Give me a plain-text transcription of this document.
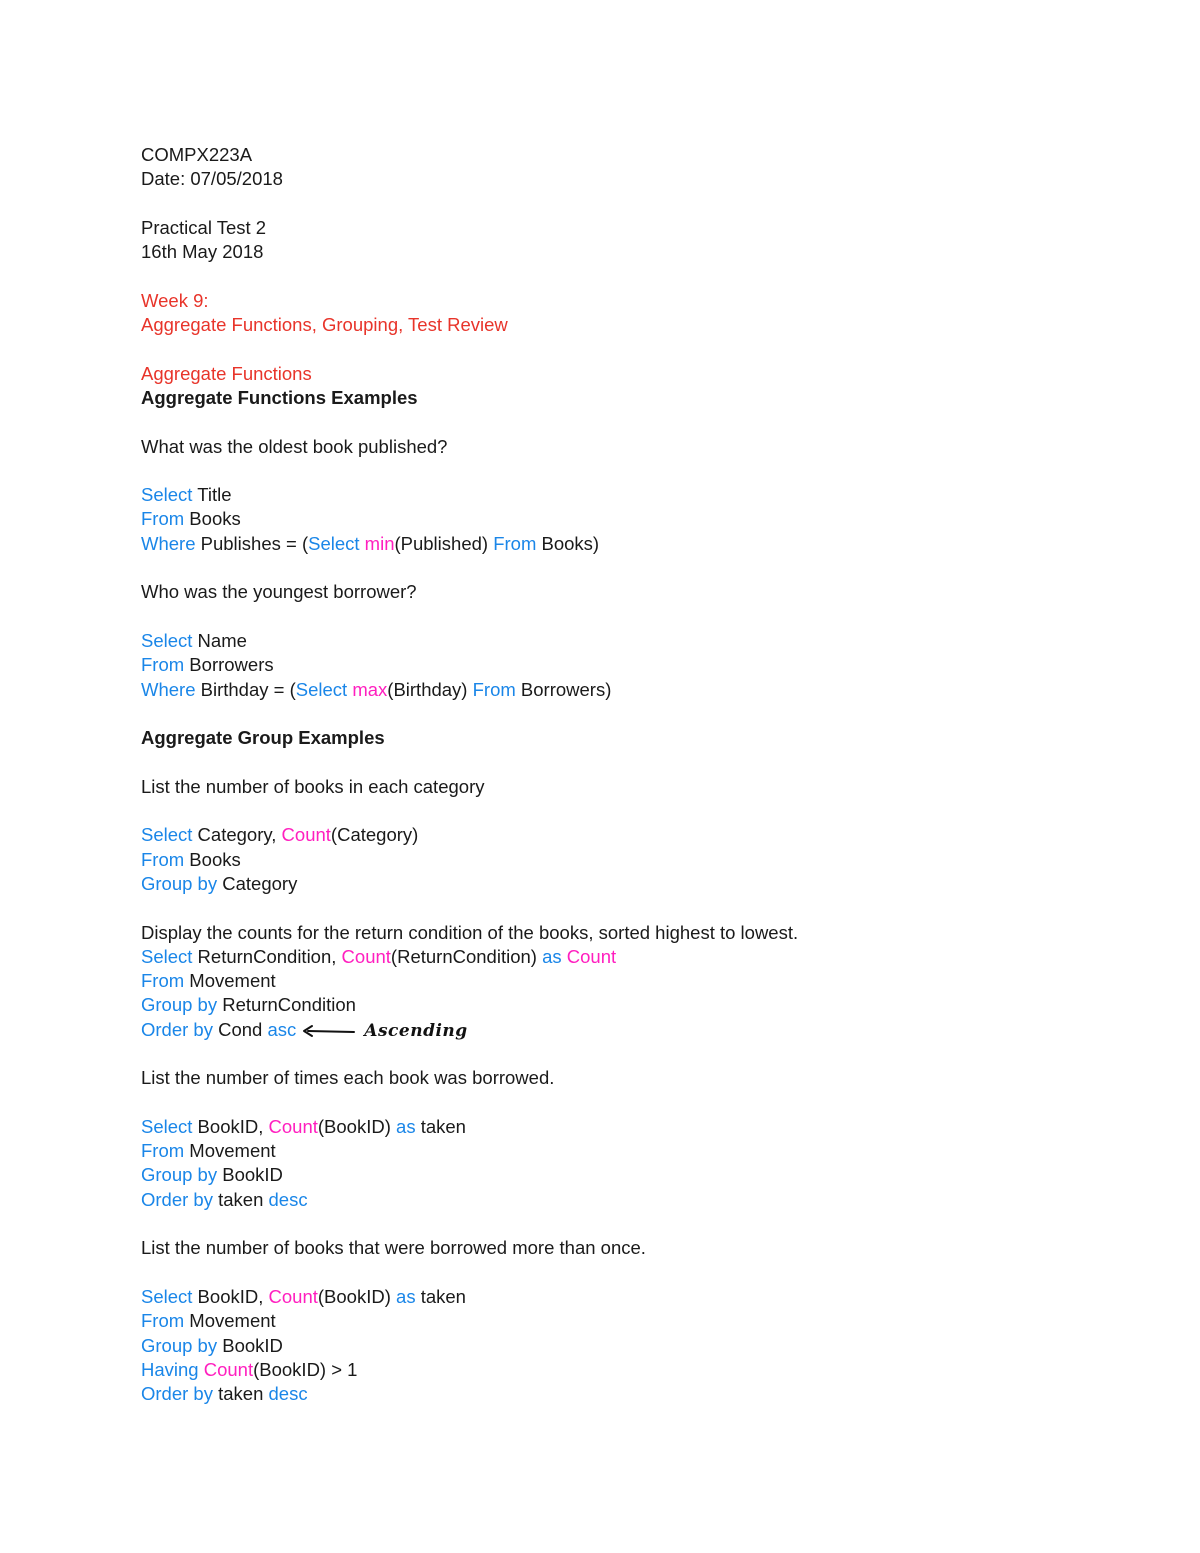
COMPX223A
Date: 07/05/2018
Practical Test 2
16th May 2018
Week 9:
Aggregate Functions, Grouping, Test Review
Aggregate Functions
Aggregate Functions Examples
What was the oldest book published?
Select Title
From Books
Where Publishes = (Select min(Published) From Books)
Who was the youngest borrower?
Select Name
From Borrowers
Where Birthday = (Select max(Birthday) From Borrowers)
Aggregate Group Examples
List the number of books in each category
Select Category, Count(Category)
From Books
Group by Category
Display the counts for the return condition of the books, sorted highest to lowest.
Select ReturnCondition, Count(ReturnCondition) as Count
From Movement
Group by ReturnCondition
Order by Cond asc	Ascending
List the number of times each book was borrowed.
Select BookID, Count(BookID) as taken
From Movement
Group by BookID
Order by taken desc
List the number of books that were borrowed more than once.
Select BookID, Count(BookID) as taken
From Movement
Group by BookID
Having Count(BookID) > 1
Order by taken desc
